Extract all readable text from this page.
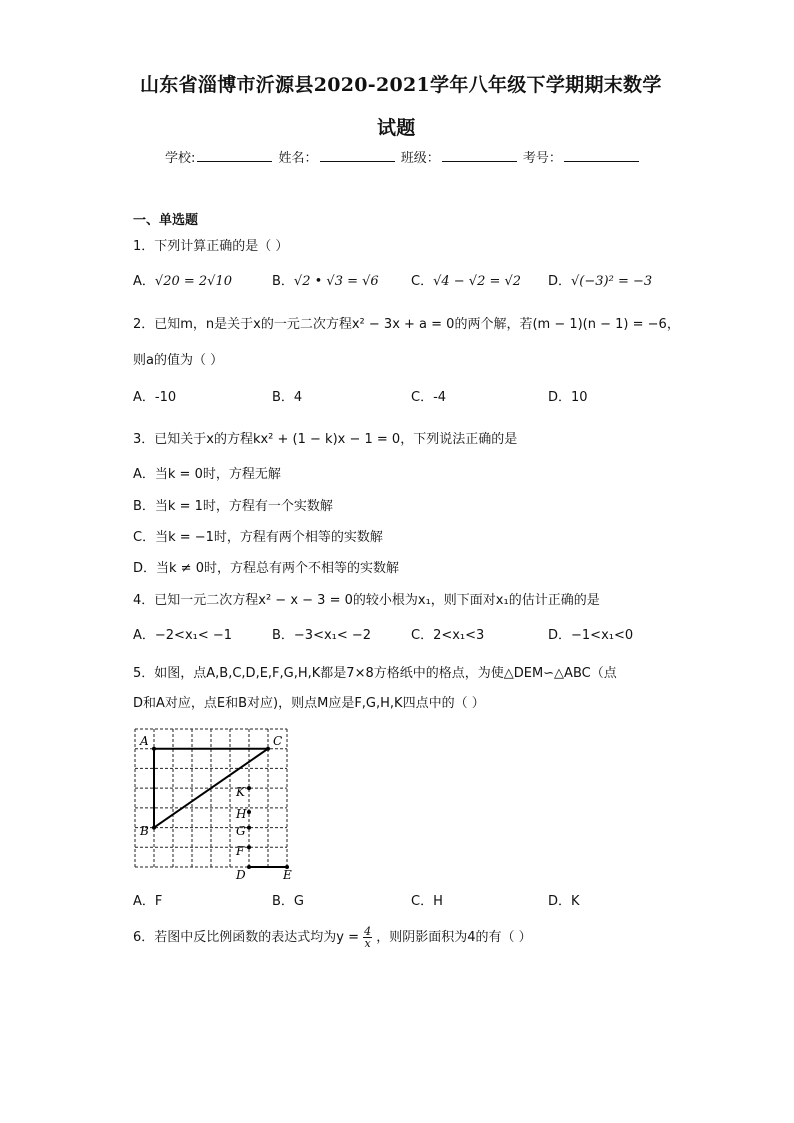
山东省淄博市沂源县2020-2021学年八年级下学期期末数学
试题
学校:	姓名：	班级：	考号：
一、单选题
1．下列计算正确的是（ ）
A．√20 = 2√10	B．√2 • √3 = √6 C．√4 − √2 = √2 D．√(−3)² = −3
2．已知m，n是关于x的一元二次方程x² − 3x + a = 0的两个解，若(m − 1)(n − 1) = −6，
则a的值为（ ）
A．-10	B．4	C．-4	D．10
3．已知关于x的方程kx² + (1 − k)x − 1 = 0，下列说法正确的是
A．当k = 0时，方程无解
B．当k = 1时，方程有一个实数解
C．当k = −1时，方程有两个相等的实数解
D．当k ≠ 0时，方程总有两个不相等的实数解
4．已知一元二次方程x² − x − 3 = 0的较小根为x₁，则下面对x₁的估计正确的是
A．−2<x₁< −1	B．−3<x₁< −2	C．2<x₁<3	D．−1<x₁<0
5．如图，点A,B,C,D,E,F,G,H,K都是7×8方格纸中的格点，为使△DEM∽△ABC（点
D和A对应，点E和B对应)，则点M应是F,G,H,K四点中的（ ）
A	C
B
K
H
G
F
D	E
A．F	B．G	C．H	D．K
6．若图中反比例函数的表达式均为$y = \frac{4}{x}$ ，则阴影面积为4的有（ ）
